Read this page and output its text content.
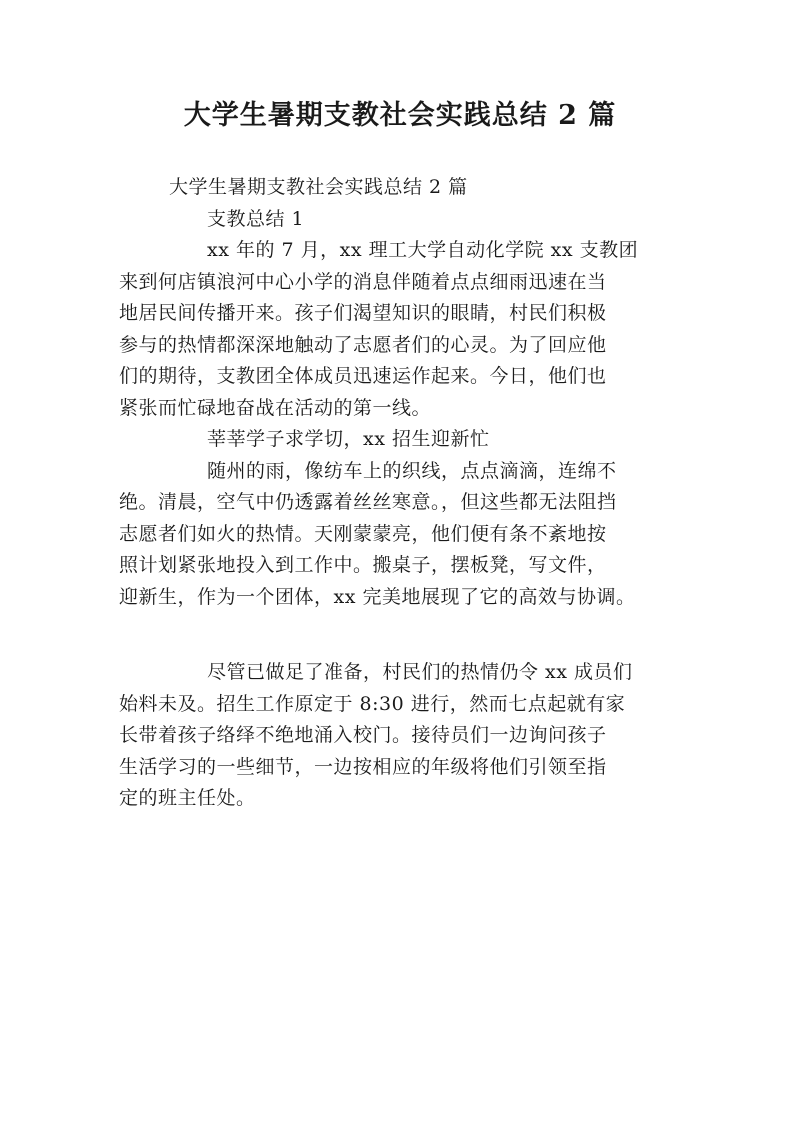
大学生暑期支教社会实践总结 2 篇

大学生暑期支教社会实践总结 2 篇

支教总结 1

xx 年的 7 月，xx 理工大学自动化学院 xx 支教团

来到何店镇浪河中心小学的消息伴随着点点细雨迅速在当

地居民间传播开来。孩子们渴望知识的眼睛，村民们积极

参与的热情都深深地触动了志愿者们的心灵。为了回应他

们的期待，支教团全体成员迅速运作起来。今日，他们也

紧张而忙碌地奋战在活动的第一线。

莘莘学子求学切，xx 招生迎新忙

随州的雨，像纺车上的织线，点点滴滴，连绵不

绝。清晨，空气中仍透露着丝丝寒意。，但这些都无法阻挡

志愿者们如火的热情。天刚蒙蒙亮，他们便有条不紊地按

照计划紧张地投入到工作中。搬桌子，摆板凳，写文件，

迎新生，作为一个团体，xx 完美地展现了它的高效与协调。

尽管已做足了准备，村民们的热情仍令 xx 成员们

始料未及。招生工作原定于 8:30 进行，然而七点起就有家

长带着孩子络绎不绝地涌入校门。接待员们一边询问孩子

生活学习的一些细节，一边按相应的年级将他们引领至指

定的班主任处。
